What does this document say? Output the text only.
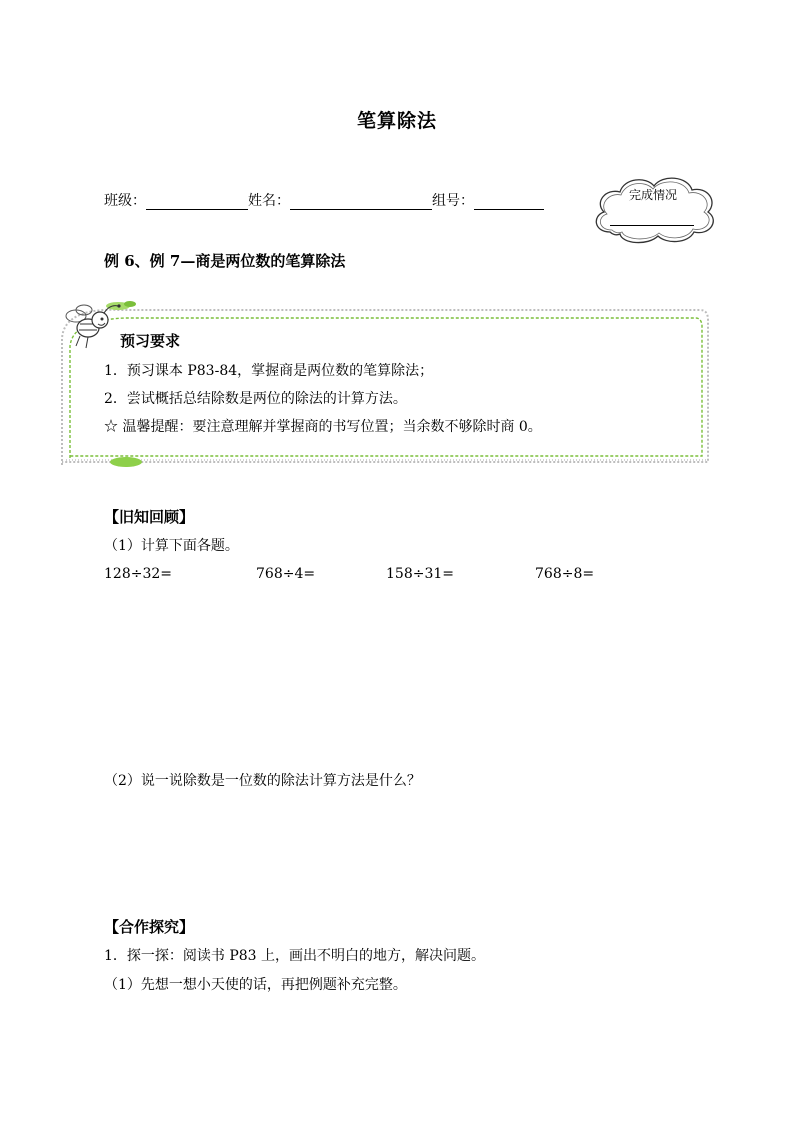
笔算除法
班级：	姓名：	组号：	完成情况
例 6、例 7—商是两位数的笔算除法
预习要求
1．预习课本 P83-84，掌握商是两位数的笔算除法；
2．尝试概括总结除数是两位的除法的计算方法。
☆ 温馨提醒：要注意理解并掌握商的书写位置；当余数不够除时商 0。
【旧知回顾】
（1）计算下面各题。
128÷32=	768÷4=	158÷31=	768÷8=
（2）说一说除数是一位数的除法计算方法是什么？
【合作探究】
1．探一探：阅读书 P83 上，画出不明白的地方，解决问题。
（1）先想一想小天使的话，再把例题补充完整。
